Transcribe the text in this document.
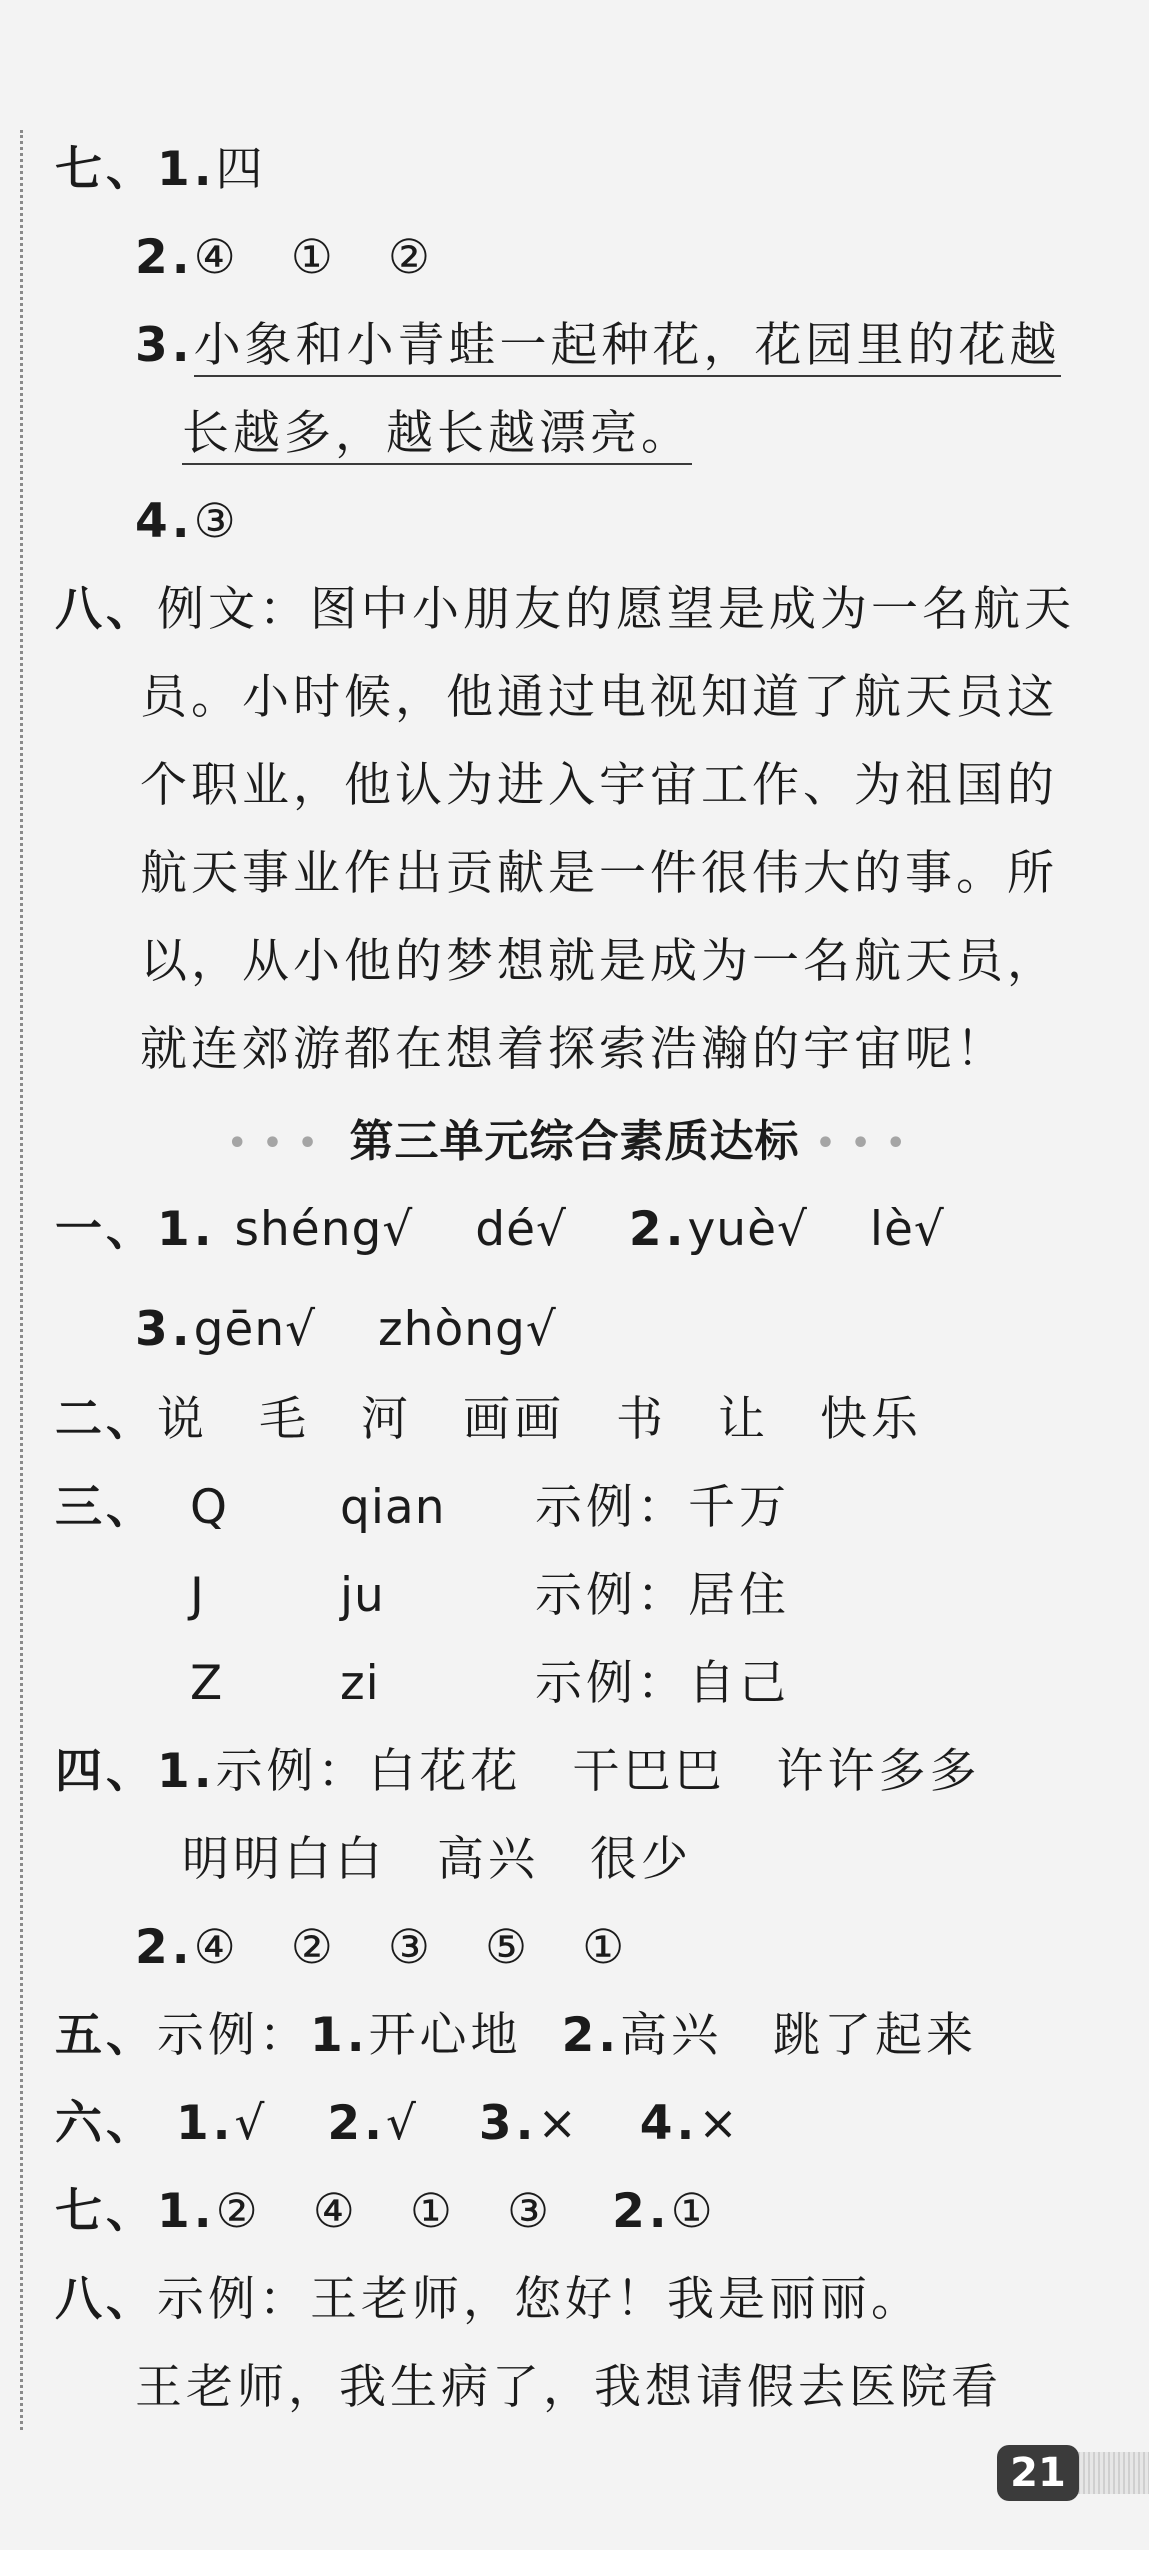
七、1.四
2.④　①　②
3.小象和小青蛙一起种花，花园里的花越
长越多，越长越漂亮。
4.③
八、例文：图中小朋友的愿望是成为一名航天
员。小时候，他通过电视知道了航天员这
个职业，他认为进入宇宙工作、为祖国的
航天事业作出贡献是一件很伟大的事。所
以，从小他的梦想就是成为一名航天员，
就连郊游都在想着探索浩瀚的宇宙呢！
••• 第三单元综合素质达标 •••
一、1. shéng√ dé√ 2.yuè√ lè√
3.gēn√ zhòng√
二、说　毛　河　画画　书　让　快乐
三、 Q qian 示例：千万
J	ju	示例：居住
Z zi	示例：自己
四、1.示例：白花花　干巴巴　许许多多
明明白白　高兴　很少
2.④　②　③　⑤　①
五、示例：1.开心地 2.高兴　跳了起来
六、 1.√ 2.√ 3.× 4.×
七、1.②　④　①　③ 2.①
八、示例：王老师，您好！我是丽丽。
王老师，我生病了，我想请假去医院看
21
